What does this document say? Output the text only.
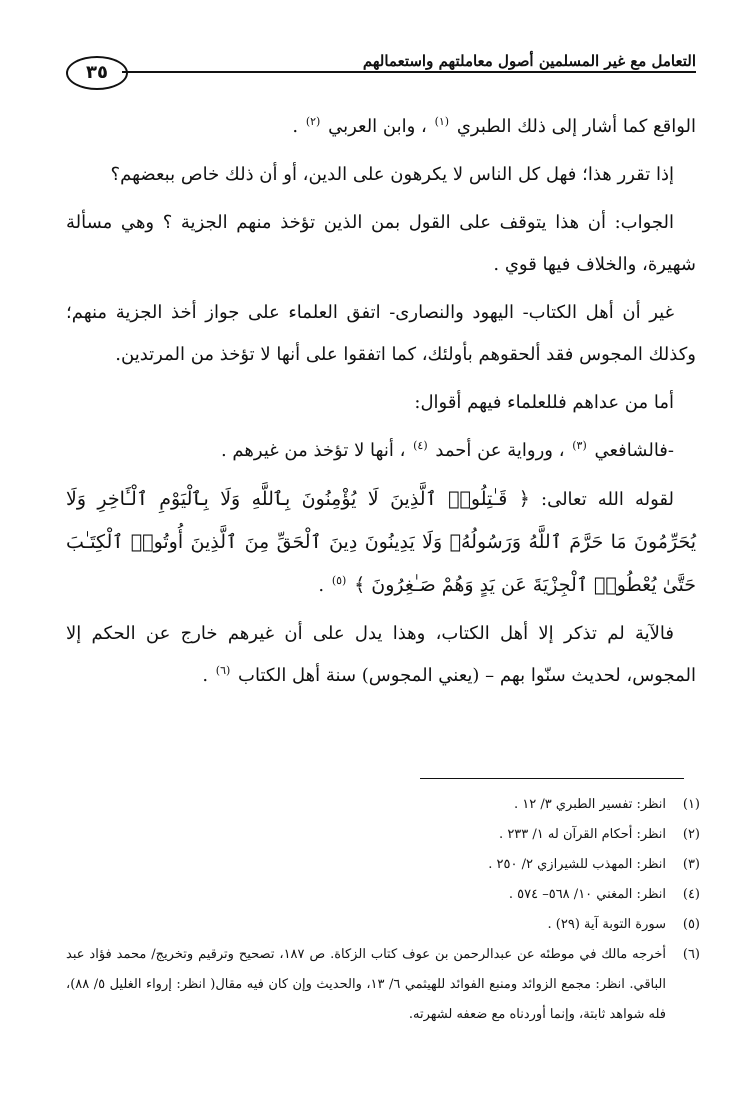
التعامل مع غير المسلمين أصول معاملتهم واستعمالهم
٣٥

الواقع كما أشار إلى ذلك الطبري $^{(١)}$ ، وابن العربي $^{(٢)}$ .

إذا تقرر هذا؛ فهل كل الناس لا يكرهون على الدين، أو أن ذلك خاص ببعضهم؟

الجواب: أن هذا يتوقف على القول بمن الذين تؤخذ منهم الجزية ؟ وهي مسألة شهيرة، والخلاف فيها قوي .

غير أن أهل الكتاب- اليهود والنصارى- اتفق العلماء على جواز أخذ الجزية منهم؛ وكذلك المجوس فقد ألحقوهم بأولئك، كما اتفقوا على أنها لا تؤخذ من المرتدين.

أما من عداهم فللعلماء فيهم أقوال:

-فالشافعي $^{(٣)}$ ، ورواية عن أحمد $^{(٤)}$ ، أنها لا تؤخذ من غيرهم .

لقوله الله تعالى: ﴿ قَـٰتِلُوا۟ ٱلَّذِينَ لَا يُؤْمِنُونَ بِٱللَّهِ وَلَا بِٱلْيَوْمِ ٱلْـَٔاخِرِ وَلَا يُحَرِّمُونَ مَا حَرَّمَ ٱللَّهُ وَرَسُولُهُۥ وَلَا يَدِينُونَ دِينَ ٱلْحَقِّ مِنَ ٱلَّذِينَ أُوتُوا۟ ٱلْكِتَـٰبَ حَتَّىٰ يُعْطُوا۟ ٱلْجِزْيَةَ عَن يَدٍ وَهُمْ صَـٰغِرُونَ ﴾ $^{(٥)}$ .

فالآية لم تذكر إلا أهل الكتاب، وهذا يدل على أن غيرهم خارج عن الحكم إلا المجوس، لحديث سنّوا بهم – (يعني المجوس) سنة أهل الكتاب $^{(٦)}$ .

(١)
انظر: تفسير الطبري ٣/ ١٢ .
(٢)
انظر: أحكام القرآن له ١/ ٢٣٣ .
(٣)
انظر: المهذب للشيرازي ٢/ ٢٥٠ .
(٤)
انظر: المغني ١٠/ ٥٦٨– ٥٧٤ .
(٥)
سورة التوبة آية (٢٩) .
(٦)
أخرجه مالك في موطئه عن عبدالرحمن بن عوف كتاب الزكاة. ص ١٨٧، تصحيح وترقيم وتخريج/ محمد فؤاد عبد الباقي. انظر: مجمع الزوائد ومنبع الفوائد للهيثمي ٦/ ١٣، والحديث وإن كان فيه مقال( انظر: إرواء الغليل ٥/ ٨٨)، فله شواهد ثابتة، وإنما أوردناه مع ضعفه لشهرته.
